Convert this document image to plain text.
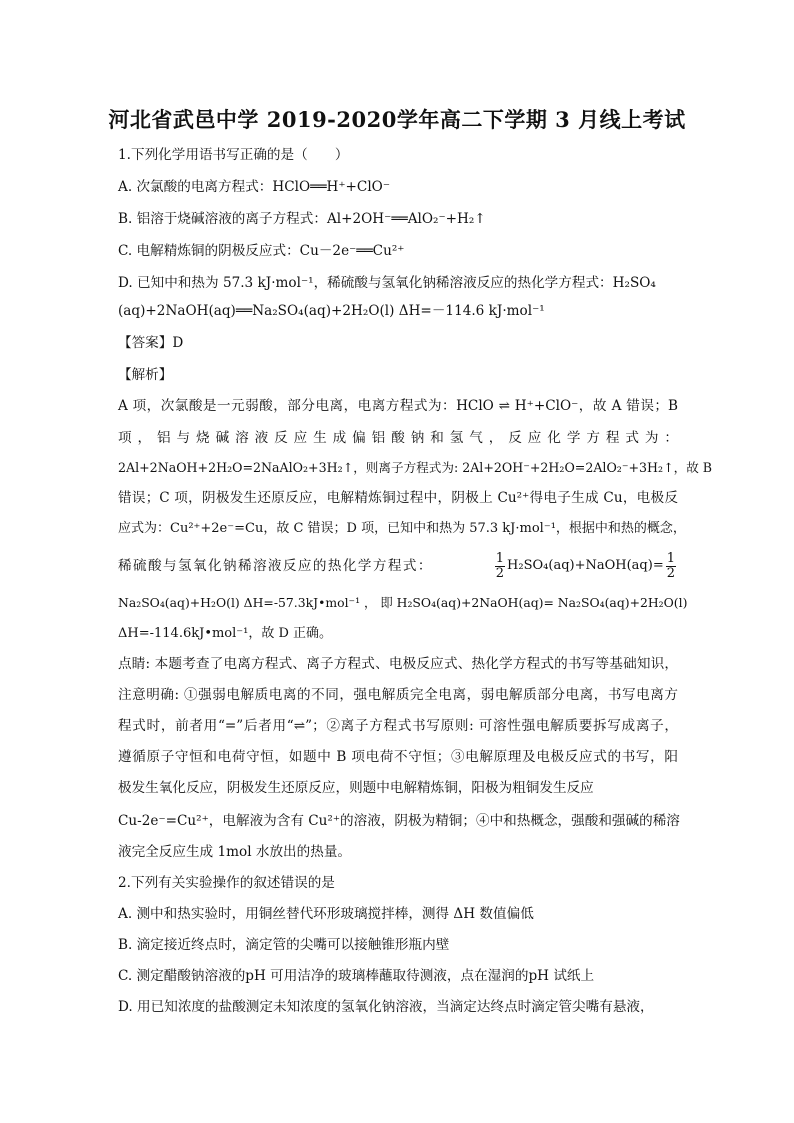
河北省武邑中学 2019-2020学年高二下学期 3 月线上考试
1.下列化学用语书写正确的是（　　）
A. 次氯酸的电离方程式：HClO══H⁺+ClO⁻
B. 铝溶于烧碱溶液的离子方程式：Al+2OH⁻══AlO₂⁻+H₂↑
C. 电解精炼铜的阴极反应式：Cu－2e⁻══Cu²⁺
D. 已知中和热为 57.3 kJ·mol⁻¹，稀硫酸与氢氧化钠稀溶液反应的热化学方程式：H₂SO₄
(aq)+2NaOH(aq)══Na₂SO₄(aq)+2H₂O(l) ΔH=－114.6 kJ·mol⁻¹
【答案】D
【解析】
A 项，次氯酸是一元弱酸，部分电离，电离方程式为：HClO ⇌ H⁺+ClO⁻，故 A 错误；B
项，铝与烧碱溶液反应生成偏铝酸钠和氢气，反应化学方程式为：
2Al+2NaOH+2H₂O=2NaAlO₂+3H₂↑，则离子方程式为: 2Al+2OH⁻+2H₂O=2AlO₂⁻+3H₂↑，故 B
错误；C 项，阴极发生还原反应，电解精炼铜过程中，阴极上 Cu²⁺得电子生成 Cu，电极反
应式为：Cu²⁺+2e⁻=Cu，故 C 错误；D 项，已知中和热为 57.3 kJ·mol⁻¹，根据中和热的概念，
稀硫酸与氢氧化钠稀溶液反应的热化学方程式：	$\frac{1}{2}$ H₂SO₄(aq)+NaOH(aq)= $\frac{1}{2}$
Na₂SO₄(aq)+H₂O(l) ΔH=-57.3kJ•mol⁻¹ ， 即 H₂SO₄(aq)+2NaOH(aq)= Na₂SO₄(aq)+2H₂O(l)
ΔH=-114.6kJ•mol⁻¹，故 D 正确。
点睛: 本题考查了电离方程式、离子方程式、电极反应式、热化学方程式的书写等基础知识，
注意明确: ①强弱电解质电离的不同，强电解质完全电离，弱电解质部分电离，书写电离方
程式时，前者用“=”后者用“⇌”；②离子方程式书写原则: 可溶性强电解质要拆写成离子，
遵循原子守恒和电荷守恒，如题中 B 项电荷不守恒；③电解原理及电极反应式的书写，阳
极发生氧化反应，阴极发生还原反应，则题中电解精炼铜，阳极为粗铜发生反应
Cu-2e⁻=Cu²⁺，电解液为含有 Cu²⁺的溶液，阴极为精铜；④中和热概念，强酸和强碱的稀溶
液完全反应生成 1mol 水放出的热量。
2.下列有关实验操作的叙述错误的是
A. 测中和热实验时，用铜丝替代环形玻璃搅拌棒，测得 ΔH 数值偏低
B. 滴定接近终点时，滴定管的尖嘴可以接触锥形瓶内壁
C. 测定醋酸钠溶液的pH 可用洁净的玻璃棒蘸取待测液，点在湿润的pH 试纸上
D. 用已知浓度的盐酸测定未知浓度的氢氧化钠溶液，当滴定达终点时滴定管尖嘴有悬液，
